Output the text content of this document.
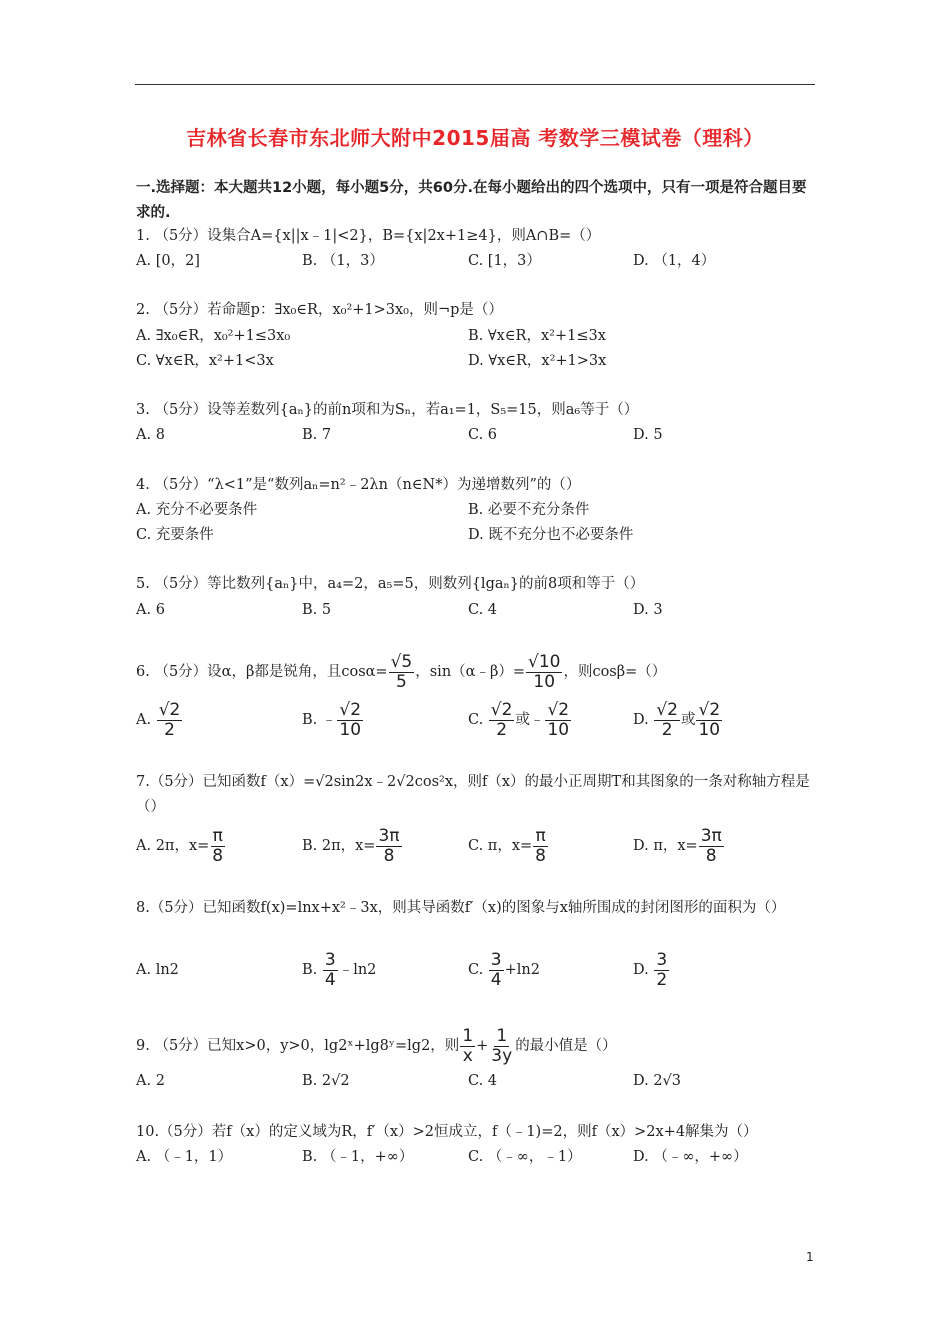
吉林省长春市东北师大附中2015届高 考数学三模试卷（理科）
一.选择题：本大题共12小题，每小题5分，共60分.在每小题给出的四个选项中，只有一项是符合题目要求的.
1. （5分）设集合A={x||x﹣1|<2}，B={x|2x+1≥4}，则A∩B=（）
A. [0，2]	B. （1，3）	C. [1，3）	D. （1，4）
2. （5分）若命题p：∃x₀∈R，x₀²+1>3x₀，则¬p是（）
A. ∃x₀∈R，x₀²+1≤3x₀	B. ∀x∈R，x²+1≤3x
C. ∀x∈R，x²+1<3x	D. ∀x∈R，x²+1>3x
3. （5分）设等差数列{aₙ}的前n项和为Sₙ，若a₁=1，S₅=15，则a₆等于（）
A. 8	B. 7	C. 6	D. 5
4. （5分）“λ<1”是“数列aₙ=n²﹣2λn（n∈N*）为递增数列”的（）
A. 充分不必要条件	B. 必要不充分条件
C. 充要条件	D. 既不充分也不必要条件
5. （5分）等比数列{aₙ}中，a₄=2，a₅=5，则数列{lgaₙ}的前8项和等于（）
A. 6	B. 5	C. 4	D. 3
6. （5分）设α，β都是锐角，且$\cos\alpha= \frac{√5}{5}$ ，sin（α﹣β）= $\frac{√10}{10}$ ，则cosβ=（）
A. $\frac{√2}{2}$	B. ﹣ $\frac{√2}{10}$	C. $\frac{√2}{2}$ 或﹣ $\frac{√2}{10}$	D. $\frac{√2}{2}$ 或 $\frac{√2}{10}$
7.（5分）已知函数f（x）=√2sin2x﹣2√2cos²x，则f（x）的最小正周期T和其图象的一条对称轴方程是（）
A. 2π，$x= \frac{\pi}{8}$	B. 2π，$x= \frac{3\pi}{8}$	C. π，$x= \frac{\pi}{8}$	D. π，$x= \frac{3\pi}{8}$
8.（5分）已知函数f(x)=lnx+x²﹣3x，则其导函数f′（x)的图象与x轴所围成的封闭图形的面积为（）
A. ln2	B. $\frac{3}{4}$ ﹣ln2	C. $\frac{3}{4} +\ln 2$	D. $\frac{3}{2}$
9. （5分）已知x>0，y>0，lg2ˣ+lg8ʸ=lg2，则 $\frac{1}{x} + \frac{1}{3y}$ 的最小值是（）
A. 2	B. 2√2	C. 4	D. 2√3
10.（5分）若f（x）的定义域为R，f′（x）>2恒成立，f（﹣1)=2，则f（x）>2x+4解集为（）
A. （﹣1，1）	B. （﹣1，+∞）	C. （﹣∞，﹣1）	D. （﹣∞，+∞）
1
